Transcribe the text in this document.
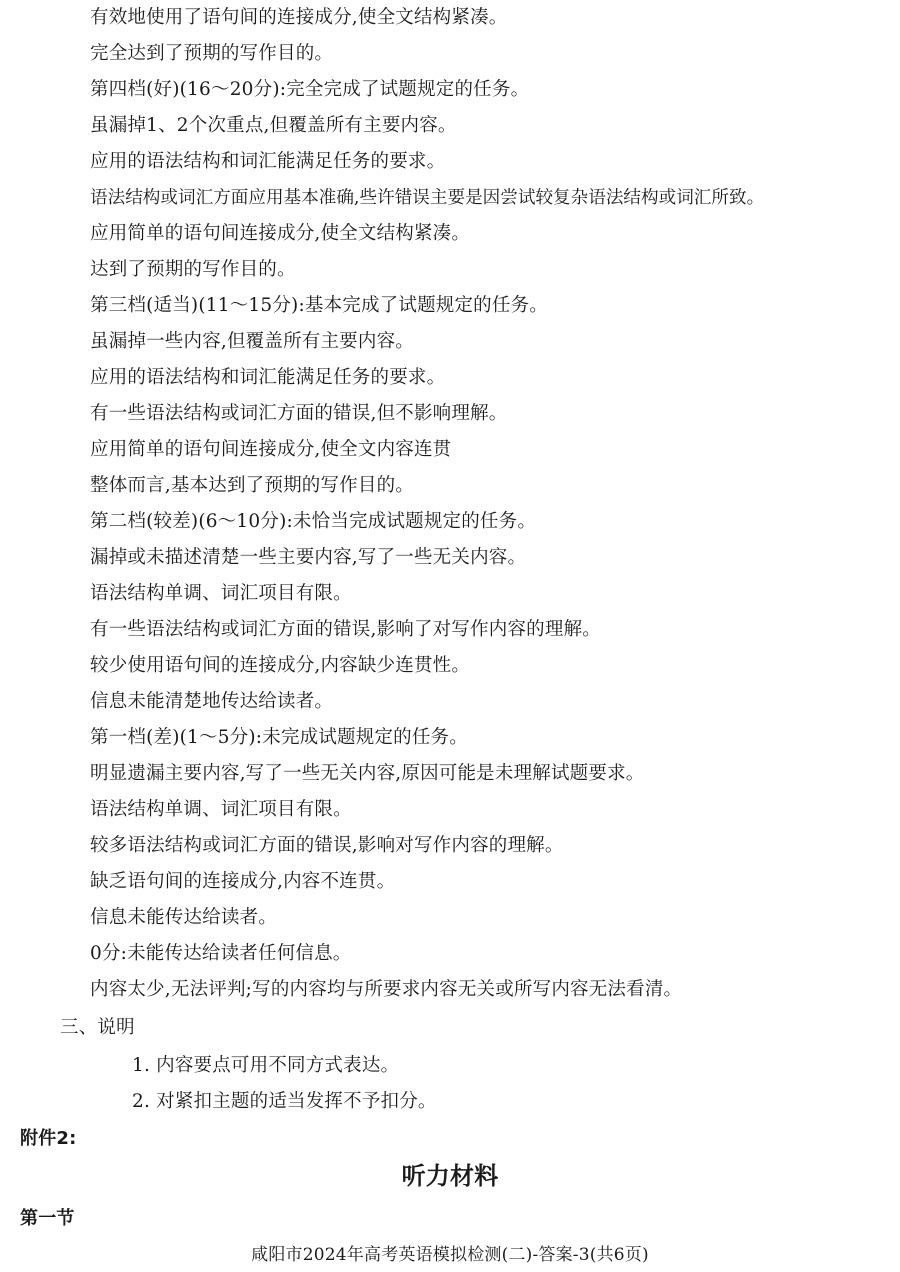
有效地使用了语句间的连接成分,使全文结构紧凑。
完全达到了预期的写作目的。
第四档(好)(16～20分):完全完成了试题规定的任务。
虽漏掉1、2个次重点,但覆盖所有主要内容。
应用的语法结构和词汇能满足任务的要求。
语法结构或词汇方面应用基本准确,些许错误主要是因尝试较复杂语法结构或词汇所致。
应用简单的语句间连接成分,使全文结构紧凑。
达到了预期的写作目的。
第三档(适当)(11～15分):基本完成了试题规定的任务。
虽漏掉一些内容,但覆盖所有主要内容。
应用的语法结构和词汇能满足任务的要求。
有一些语法结构或词汇方面的错误,但不影响理解。
应用简单的语句间连接成分,使全文内容连贯
整体而言,基本达到了预期的写作目的。
第二档(较差)(6～10分):未恰当完成试题规定的任务。
漏掉或未描述清楚一些主要内容,写了一些无关内容。
语法结构单调、词汇项目有限。
有一些语法结构或词汇方面的错误,影响了对写作内容的理解。
较少使用语句间的连接成分,内容缺少连贯性。
信息未能清楚地传达给读者。
第一档(差)(1～5分):未完成试题规定的任务。
明显遗漏主要内容,写了一些无关内容,原因可能是未理解试题要求。
语法结构单调、词汇项目有限。
较多语法结构或词汇方面的错误,影响对写作内容的理解。
缺乏语句间的连接成分,内容不连贯。
信息未能传达给读者。
0分:未能传达给读者任何信息。
内容太少,无法评判;写的内容均与所要求内容无关或所写内容无法看清。
三、说明
1. 内容要点可用不同方式表达。
2. 对紧扣主题的适当发挥不予扣分。
附件2:
听力材料
第一节
咸阳市2024年高考英语模拟检测(二)-答案-3(共6页)
